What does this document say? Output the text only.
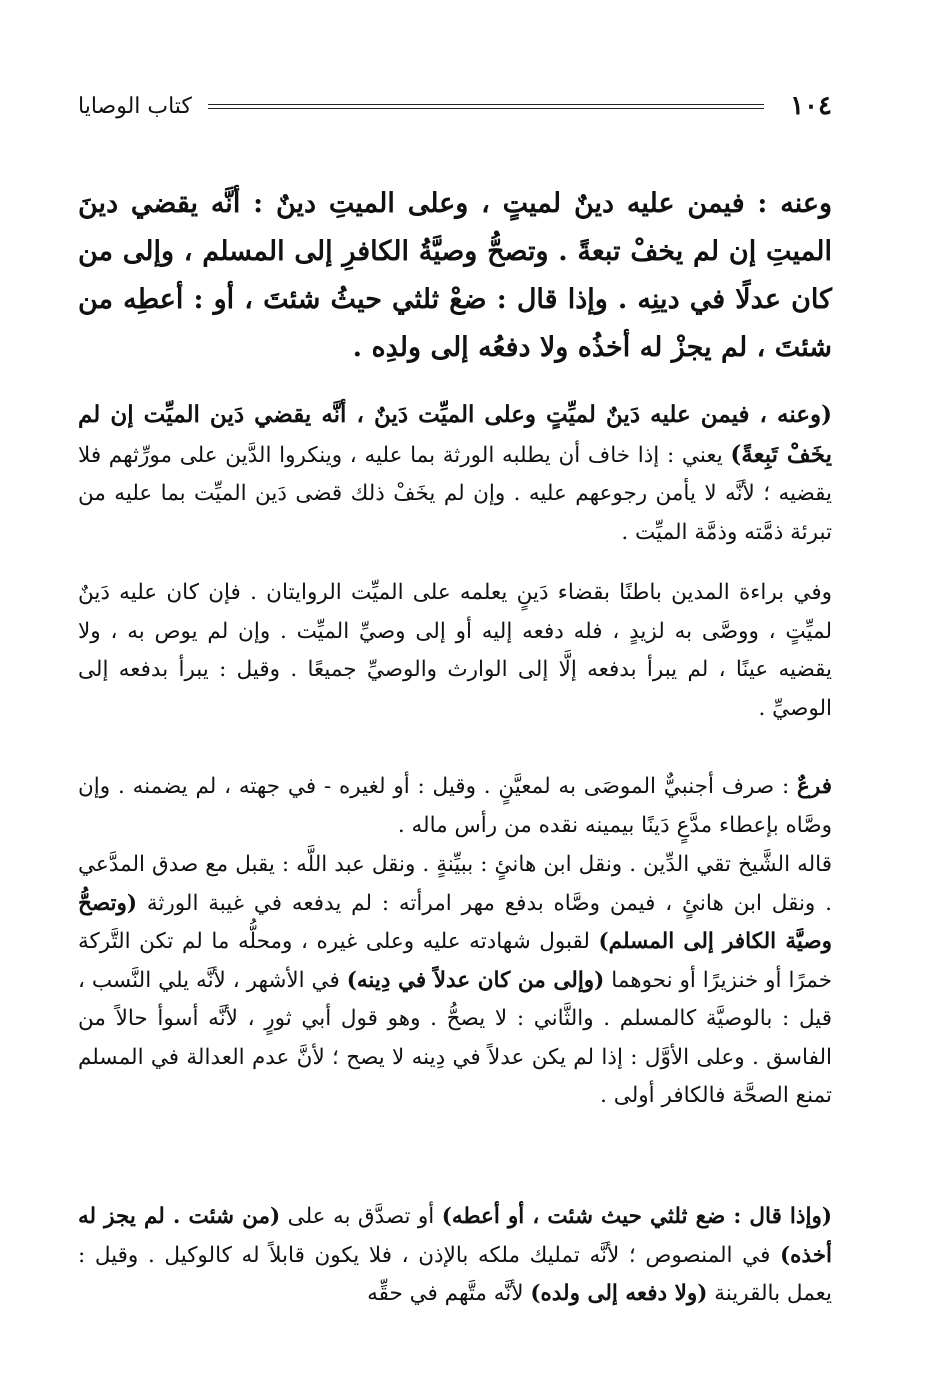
١٠٤
كتاب الوصايا
وعنه : فيمن عليه دينٌ لميتٍ ، وعلى الميتِ دينٌ : أنَّه يقضي دينَ الميتِ إن لم يخفْ تبعةً . وتصحُّ وصيَّةُ الكافرِ إلى المسلم ، وإلى من كان عدلًا في دينِه . وإذا قال : ضعْ ثلثي حيثُ شئتَ ، أو : أعطِه من شئتَ ، لم يجزْ له أخذُه ولا دفعُه إلى ولدِه .

(وعنه ، فيمن عليه دَينٌ لميِّتٍ وعلى الميِّت دَينٌ ، أنَّه يقضي دَين الميِّت إن لم يخَفْ تَبِعةً) يعني : إذا خاف أن يطلبه الورثة بما عليه ، وينكروا الدَّين على مورِّثهم فلا يقضيه ؛ لأنَّه لا يأمن رجوعهم عليه . وإن لم يخَفْ ذلك قضى دَين الميِّت بما عليه من تبرئة ذمَّته وذمَّة الميِّت .

وفي براءة المدين باطنًا بقضاء دَينٍ يعلمه على الميِّت الروايتان . فإن كان عليه دَينٌ لميِّتٍ ، ووصَّى به لزيدٍ ، فله دفعه إليه أو إلى وصيِّ الميِّت . وإن لم يوص به ، ولا يقضيه عينًا ، لم يبرأ بدفعه إلَّا إلى الوارث والوصيِّ جميعًا . وقيل : يبرأ بدفعه إلى الوصيِّ .

فرعٌ : صرف أجنبيٌّ الموصَى به لمعيَّنٍ . وقيل : أو لغيره - في جهته ، لم يضمنه . وإن وصَّاه بإعطاء مدَّعٍ دَينًا بيمينه نقده من رأس ماله .

قاله الشَّيخ تقي الدِّين . ونقل ابن هانئٍ : ببيِّنةٍ . ونقل عبد اللَّه : يقبل مع صدق المدَّعي . ونقل ابن هانئٍ ، فيمن وصَّاه بدفع مهر امرأته : لم يدفعه في غيبة الورثة (وتصحُّ وصيَّة الكافر إلى المسلم) لقبول شهادته عليه وعلى غيره ، ومحلُّه ما لم تكن التَّركة خمرًا أو خنزيرًا أو نحوهما (وإلى من كان عدلاً في دِينه) في الأشهر ، لأنَّه يلي النَّسب ، قيل : بالوصيَّة كالمسلم . والثَّاني : لا يصحُّ . وهو قول أبي ثورٍ ، لأنَّه أسوأ حالاً من الفاسق . وعلى الأوَّل : إذا لم يكن عدلاً في دِينه لا يصح ؛ لأنَّ عدم العدالة في المسلم تمنع الصحَّة فالكافر أولى .

(وإذا قال : ضع ثلثي حيث شئت ، أو أعطه) أو تصدَّق به على (من شئت . لم يجز له أخذه) في المنصوص ؛ لأنَّه تمليك ملكه بالإذن ، فلا يكون قابلاً له كالوكيل . وقيل : يعمل بالقرينة (ولا دفعه إلى ولده) لأنَّه متَّهم في حقِّه
